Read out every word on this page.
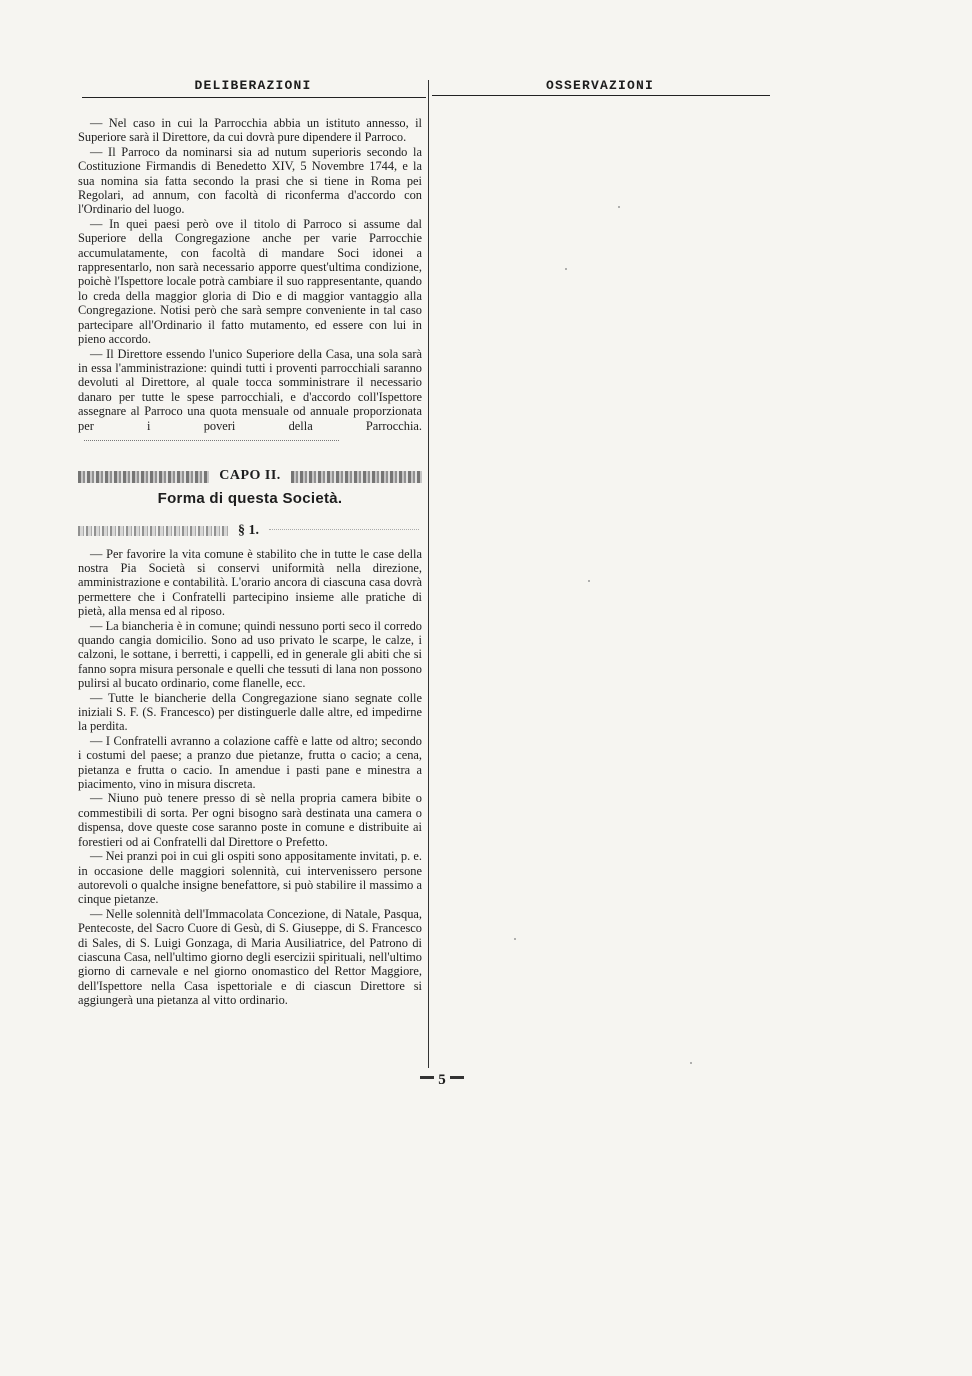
DELIBERAZIONI	OSSERVAZIONI

— Nel caso in cui la Parrocchia abbia un istituto annesso, il Superiore sarà il Direttore, da cui dovrà pure dipendere il Parroco.

— Il Parroco da nominarsi sia ad nutum superioris secondo la Costituzione Firmandis di Benedetto XIV, 5 Novembre 1744, e la sua nomina sia fatta secondo la prasi che si tiene in Roma pei Regolari, ad annum, con facoltà di riconferma d'accordo con l'Ordinario del luogo.

— In quei paesi però ove il titolo di Parroco si assume dal Superiore della Congregazione anche per varie Parrocchie accumulatamente, con facoltà di mandare Soci idonei a rappresentarlo, non sarà necessario apporre quest'ultima condizione, poichè l'Ispettore locale potrà cambiare il suo rappresentante, quando lo creda della maggior gloria di Dio e di maggior vantaggio alla Congregazione. Notisi però che sarà sempre conveniente in tal caso partecipare all'Ordinario il fatto mutamento, ed essere con lui in pieno accordo.

— Il Direttore essendo l'unico Superiore della Casa, una sola sarà in essa l'amministrazione: quindi tutti i proventi parrocchiali saranno devoluti al Direttore, al quale tocca somministrare il necessario danaro per tutte le spese parrocchiali, e d'accordo coll'Ispettore assegnare al Parroco una quota mensuale od annuale proporzionata per i poveri della Parrocchia.

CAPO II.
Forma di questa Società.
§ 1.

— Per favorire la vita comune è stabilito che in tutte le case della nostra Pia Società si conservi uniformità nella direzione, amministrazione e contabilità. L'orario ancora di ciascuna casa dovrà permettere che i Confratelli partecipino insieme alle pratiche di pietà, alla mensa ed al riposo.

— La biancheria è in comune; quindi nessuno porti seco il corredo quando cangia domicilio. Sono ad uso privato le scarpe, le calze, i calzoni, le sottane, i berretti, i cappelli, ed in generale gli abiti che si fanno sopra misura personale e quelli che tessuti di lana non possono pulirsi al bucato ordinario, come flanelle, ecc.

— Tutte le biancherie della Congregazione siano segnate colle iniziali S. F. (S. Francesco) per distinguerle dalle altre, ed impedirne la perdita.

— I Confratelli avranno a colazione caffè e latte od altro; secondo i costumi del paese; a pranzo due pietanze, frutta o cacio; a cena, pietanza e frutta o cacio. In amendue i pasti pane e minestra a piacimento, vino in misura discreta.

— Niuno può tenere presso di sè nella propria camera bibite o commestibili di sorta. Per ogni bisogno sarà destinata una camera o dispensa, dove queste cose saranno poste in comune e distribuite ai forestieri od ai Confratelli dal Direttore o Prefetto.

— Nei pranzi poi in cui gli ospiti sono appositamente invitati, p. e. in occasione delle maggiori solennità, cui intervenissero persone autorevoli o qualche insigne benefattore, si può stabilire il massimo a cinque pietanze.

— Nelle solennità dell'Immacolata Concezione, di Natale, Pasqua, Pentecoste, del Sacro Cuore di Gesù, di S. Giuseppe, di S. Francesco di Sales, di S. Luigi Gonzaga, di Maria Ausiliatrice, del Patrono di ciascuna Casa, nell'ultimo giorno degli esercizii spirituali, nell'ultimo giorno di carnevale e nel giorno onomastico del Rettor Maggiore, dell'Ispettore nella Casa ispettoriale e di ciascun Direttore si aggiungerà una pietanza al vitto ordinario.

5
